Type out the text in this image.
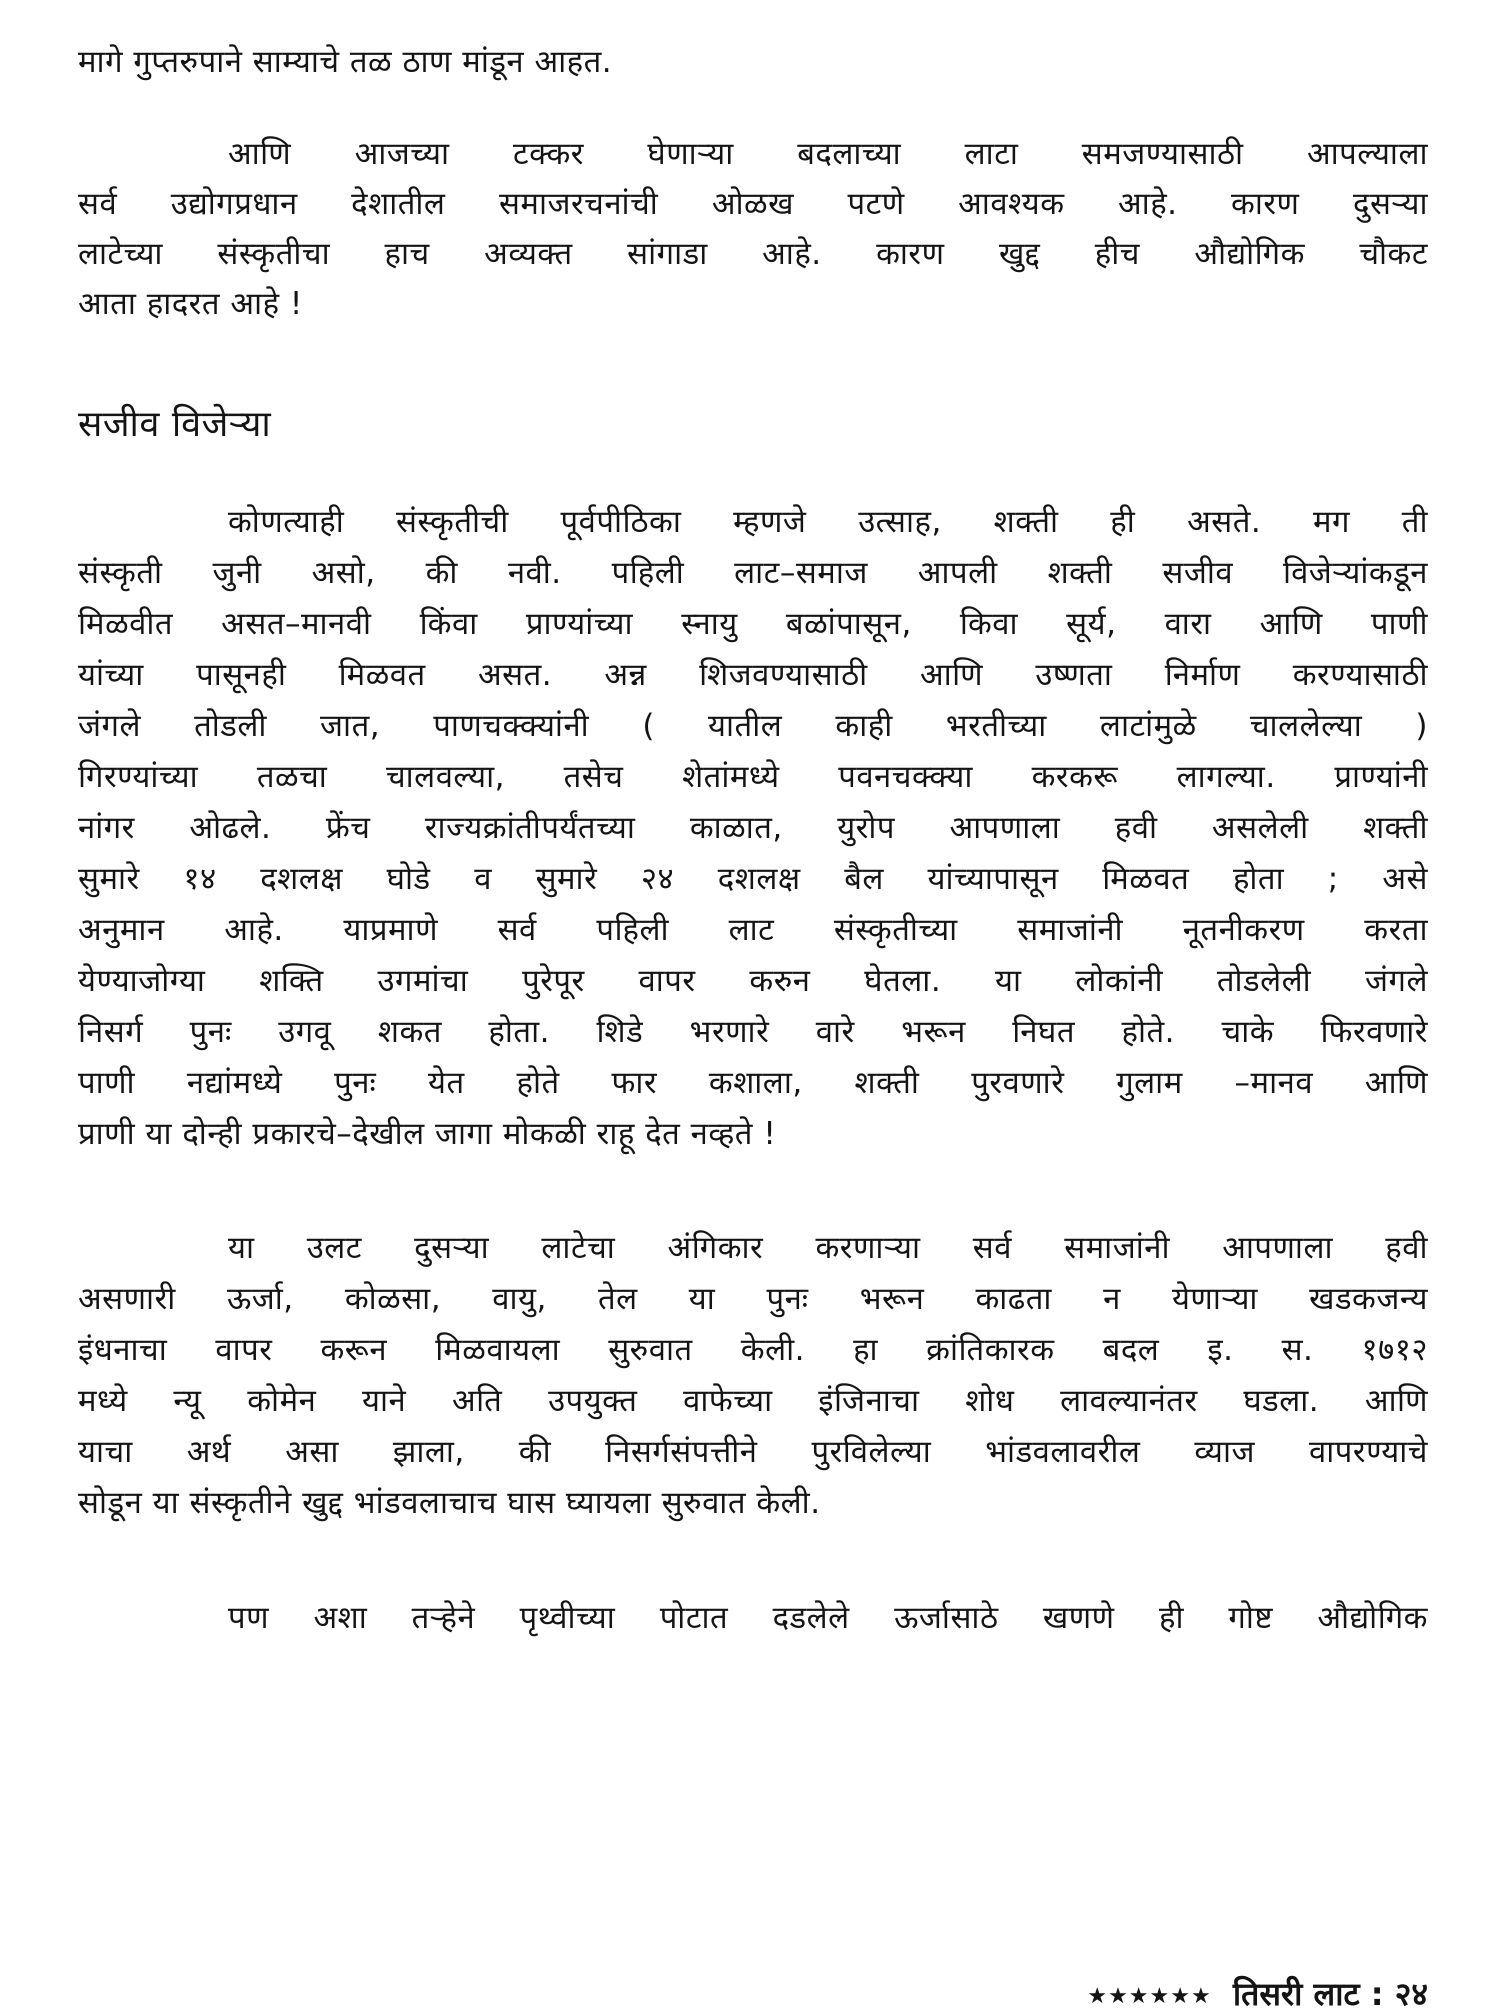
मागे गुप्तरुपाने साम्याचे तळ ठाण मांडून आहत.
आणि आजच्या टक्कर घेणाऱ्या बदलाच्या लाटा समजण्यासाठी आपल्याला
सर्व उद्योगप्रधान देशातील समाजरचनांची ओळख पटणे आवश्यक आहे. कारण दुसऱ्या
लाटेच्या संस्कृतीचा हाच अव्यक्त सांगाडा आहे. कारण खुद्द हीच औद्योगिक चौकट
आता हादरत आहे !
सजीव विजेऱ्या
कोणत्याही संस्कृतीची पूर्वपीठिका म्हणजे उत्साह, शक्ती ही असते. मग ती
संस्कृती जुनी असो, की नवी. पहिली लाट–समाज आपली शक्ती सजीव विजेऱ्यांकडून
मिळवीत असत–मानवी किंवा प्राण्यांच्या स्नायु बळांपासून, किवा सूर्य, वारा आणि पाणी
यांच्या पासूनही मिळवत असत. अन्न शिजवण्यासाठी आणि उष्णता निर्माण करण्यासाठी
जंगले तोडली जात, पाणचक्क्यांनी ( यातील काही भरतीच्या लाटांमुळे चाललेल्या )
गिरण्यांच्या तळचा चालवल्या, तसेच शेतांमध्ये पवनचक्क्या करकरू लागल्या. प्राण्यांनी
नांगर ओढले. फ्रेंच राज्यक्रांतीपर्यंतच्या काळात, युरोप आपणाला हवी असलेली शक्ती
सुमारे १४ दशलक्ष घोडे व सुमारे २४ दशलक्ष बैल यांच्यापासून मिळवत होता ; असे
अनुमान आहे. याप्रमाणे सर्व पहिली लाट संस्कृतीच्या समाजांनी नूतनीकरण करता
येण्याजोग्या शक्ति उगमांचा पुरेपूर वापर करुन घेतला. या लोकांनी तोडलेली जंगले
निसर्ग पुनः उगवू शकत होता. शिडे भरणारे वारे भरून निघत होते. चाके फिरवणारे
पाणी नद्यांमध्ये पुनः येत होते फार कशाला, शक्ती पुरवणारे गुलाम –मानव आणि
प्राणी या दोन्ही प्रकारचे–देखील जागा मोकळी राहू देत नव्हते !
या उलट दुसऱ्या लाटेचा अंगिकार करणाऱ्या सर्व समाजांनी आपणाला हवी
असणारी ऊर्जा, कोळसा, वायु, तेल या पुनः भरून काढता न येणाऱ्या खडकजन्य
इंधनाचा वापर करून मिळवायला सुरुवात केली. हा क्रांतिकारक बदल इ. स. १७१२
मध्ये न्यू कोमेन याने अति उपयुक्त वाफेच्या इंजिनाचा शोध लावल्यानंतर घडला. आणि
याचा अर्थ असा झाला, की निसर्गसंपत्तीने पुरविलेल्या भांडवलावरील व्याज वापरण्याचे
सोडून या संस्कृतीने खुद्द भांडवलाचाच घास घ्यायला सुरुवात केली.
पण अशा तऱ्हेने पृथ्वीच्या पोटात दडलेले ऊर्जासाठे खणणे ही गोष्ट औद्योगिक
★★★★★★ तिसरी लाट : २४
